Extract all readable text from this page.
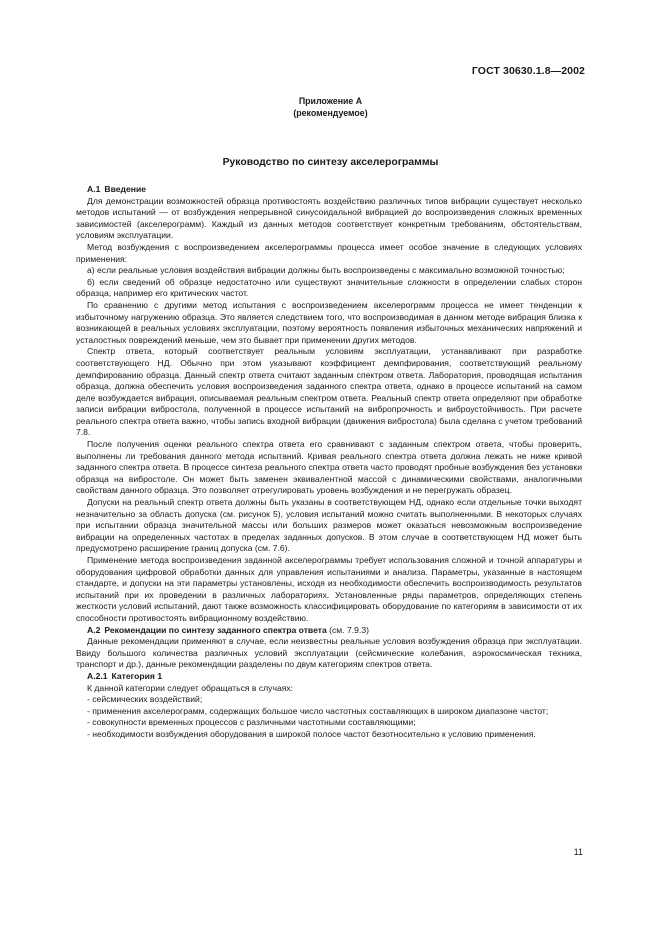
ГОСТ 30630.1.8—2002
Приложение А
(рекомендуемое)
Руководство по синтезу акселерограммы

А.1 Введение

Для демонстрации возможностей образца противостоять воздействию различных типов вибрации существует несколько методов испытаний — от возбуждения непрерывной синусоидальной вибрацией до воспроизведения сложных временных зависимостей (акселерограмм). Каждый из данных методов соответствует конкретным требованиям, обстоятельствам, условиям эксплуатации.

Метод возбуждения с воспроизведением акселерограммы процесса имеет особое значение в следующих условиях применения:

а) если реальные условия воздействия вибрации должны быть воспроизведены с максимально возможной точностью;

б) если сведений об образце недостаточно или существуют значительные сложности в определении слабых сторон образца, например его критических частот.

По сравнению с другими метод испытания с воспроизведением акселерограмм процесса не имеет тенденции к избыточному нагружению образца. Это является следствием того, что воспроизводимая в данном методе вибрация близка к возникающей в реальных условиях эксплуатации, поэтому вероятность появления избыточных механических напряжений и усталостных повреждений меньше, чем это бывает при применении других методов.

Спектр ответа, который соответствует реальным условиям эксплуатации, устанавливают при разработке соответствующего НД. Обычно при этом указывают коэффициент демпфирования, соответствующий реальному демпфированию образца. Данный спектр ответа считают заданным спектром ответа. Лаборатория, проводящая испытания образца, должна обеспечить условия воспроизведения заданного спектра ответа, однако в процессе испытаний на самом деле возбуждается вибрация, описываемая реальным спектром ответа. Реальный спектр ответа определяют при обработке записи вибрации вибростола, полученной в процессе испытаний на вибропрочность и виброустойчивость. При расчете реального спектра ответа важно, чтобы запись входной вибрации (движения вибростола) была сделана с учетом требований 7.8.

После получения оценки реального спектра ответа его сравнивают с заданным спектром ответа, чтобы проверить, выполнены ли требования данного метода испытаний. Кривая реального спектра ответа должна лежать не ниже кривой заданного спектра ответа. В процессе синтеза реального спектра ответа часто проводят пробные возбуждения без установки образца на вибростоле. Он может быть заменен эквивалентной массой с динамическими свойствами, аналогичными свойствам данного образца. Это позволяет отрегулировать уровень возбуждения и не перегружать образец.

Допуски на реальный спектр ответа должны быть указаны в соответствующем НД, однако если отдельные точки выходят незначительно за область допуска (см. рисунок 5), условия испытаний можно считать выполненными. В некоторых случаях при испытании образца значительной массы или больших размеров может оказаться невозможным воспроизведение вибрации на определенных частотах в пределах заданных допусков. В этом случае в соответствующем НД может быть предусмотрено расширение границ допуска (см. 7.6).

Применение метода воспроизведения заданной акселерограммы требует использования сложной и точной аппаратуры и оборудования цифровой обработки данных для управления испытаниями и анализа. Параметры, указанные в настоящем стандарте, и допуски на эти параметры установлены, исходя из необходимости обеспечить воспроизводимость результатов испытаний при их проведении в различных лабораториях. Установленные ряды параметров, определяющих степень жесткости условий испытаний, дают также возможность классифицировать оборудование по категориям в зависимости от их способности противостоять вибрационному воздействию.

А.2 Рекомендации по синтезу заданного спектра ответа (см. 7.9.3)

Данные рекомендации применяют в случае, если неизвестны реальные условия возбуждения образца при эксплуатации. Ввиду большого количества различных условий эксплуатации (сейсмические колебания, аэрокосмическая техника, транспорт и др.), данные рекомендации разделены по двум категориям спектров ответа.

А.2.1 Категория 1

К данной категории следует обращаться в случаях:

- сейсмических воздействий;

- применения акселерограмм, содержащих большое число частотных составляющих в широком диапазоне частот;

- совокупности временных процессов с различными частотными составляющими;

- необходимости возбуждения оборудования в широкой полосе частот безотносительно к условию применения.

11
